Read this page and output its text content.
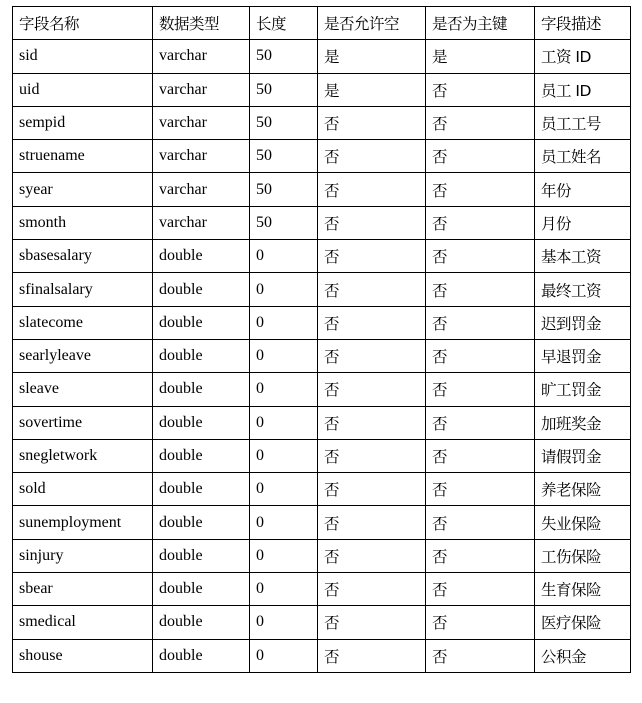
字段名称	数据类型	长度	是否允许空	是否为主键	字段描述
sid	varchar	50	是	是	工资 ID
uid	varchar	50	是	否	员工 ID
sempid	varchar	50	否	否	员工工号
struename	varchar	50	否	否	员工姓名
syear	varchar	50	否	否	年份
smonth	varchar	50	否	否	月份
sbasesalary	double	0	否	否	基本工资
sfinalsalary	double	0	否	否	最终工资
slatecome	double	0	否	否	迟到罚金
searlyleave	double	0	否	否	早退罚金
sleave	double	0	否	否	旷工罚金
sovertime	double	0	否	否	加班奖金
snegletwork	double	0	否	否	请假罚金
sold	double	0	否	否	养老保险
sunemployment	double	0	否	否	失业保险
sinjury	double	0	否	否	工伤保险
sbear	double	0	否	否	生育保险
smedical	double	0	否	否	医疗保险
shouse	double	0	否	否	公积金
